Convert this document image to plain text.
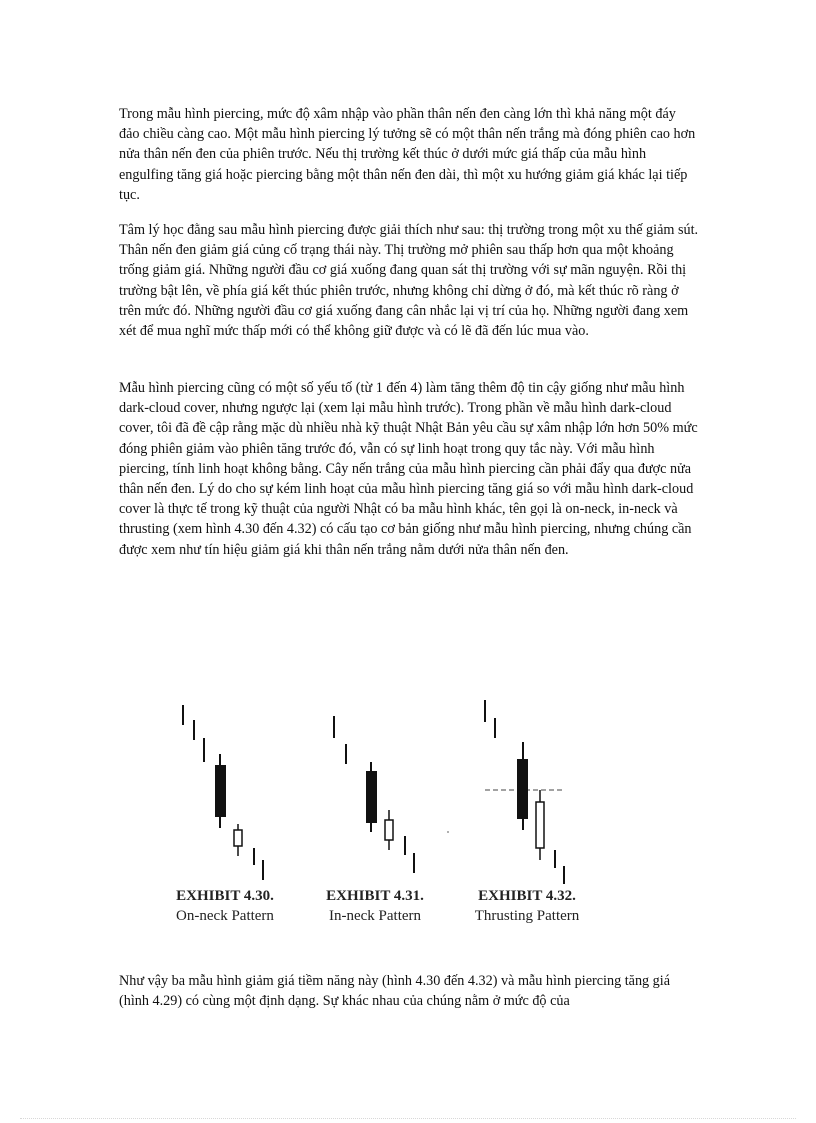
Trong mẫu hình piercing, mức độ xâm nhập vào phần thân nến đen càng lớn thì khả năng một đáy đảo chiều càng cao. Một mẫu hình piercing lý tưởng sẽ có một thân nến trắng mà đóng phiên cao hơn nửa thân nến đen của phiên trước. Nếu thị trường kết thúc ở dưới mức giá thấp của mẫu hình engulfing tăng giá hoặc piercing bằng một thân nến đen dài, thì một xu hướng giảm giá khác lại tiếp tục.

Tâm lý học đằng sau mẫu hình piercing được giải thích như sau: thị trường trong một xu thế giảm sút. Thân nến đen giảm giá củng cố trạng thái này. Thị trường mở phiên sau thấp hơn qua một khoảng trống giảm giá. Những người đầu cơ giá xuống đang quan sát thị trường với sự mãn nguyện. Rồi thị trường bật lên, về phía giá kết thúc phiên trước, nhưng không chỉ dừng ở đó, mà kết thúc rõ ràng ở trên mức đó. Những người đầu cơ giá xuống đang cân nhắc lại vị trí của họ. Những người đang xem xét để mua nghĩ mức thấp mới có thể không giữ được và có lẽ đã đến lúc mua vào.

Mẫu hình piercing cũng có một số yếu tố (từ 1 đến 4) làm tăng thêm độ tin cậy giống như mẫu hình dark-cloud cover, nhưng ngược lại (xem lại mẫu hình trước). Trong phần về mẫu hình dark-cloud cover, tôi đã đề cập rằng mặc dù nhiều nhà kỹ thuật Nhật Bản yêu cầu sự xâm nhập lớn hơn 50% mức đóng phiên giảm vào phiên tăng trước đó, vẫn có sự linh hoạt trong quy tắc này. Với mẫu hình piercing, tính linh hoạt không bằng. Cây nến trắng của mẫu hình piercing cần phải đẩy qua được nửa thân nến đen. Lý do cho sự kém linh hoạt của mẫu hình piercing tăng giá so với mẫu hình dark-cloud cover là thực tế trong kỹ thuật của người Nhật có ba mẫu hình khác, tên gọi là on-neck, in-neck và thrusting (xem hình 4.30 đến 4.32) có cấu tạo cơ bản giống như mẫu hình piercing, nhưng chúng cần được xem như tín hiệu giảm giá khi thân nến trắng nằm dưới nửa thân nến đen.

EXHIBIT 4.30.
On-neck Pattern
EXHIBIT 4.31.
In-neck Pattern
EXHIBIT 4.32.
Thrusting Pattern

Như vậy ba mẫu hình giảm giá tiềm năng này (hình 4.30 đến 4.32) và mẫu hình piercing tăng giá (hình 4.29) có cùng một định dạng. Sự khác nhau của chúng nằm ở mức độ của
